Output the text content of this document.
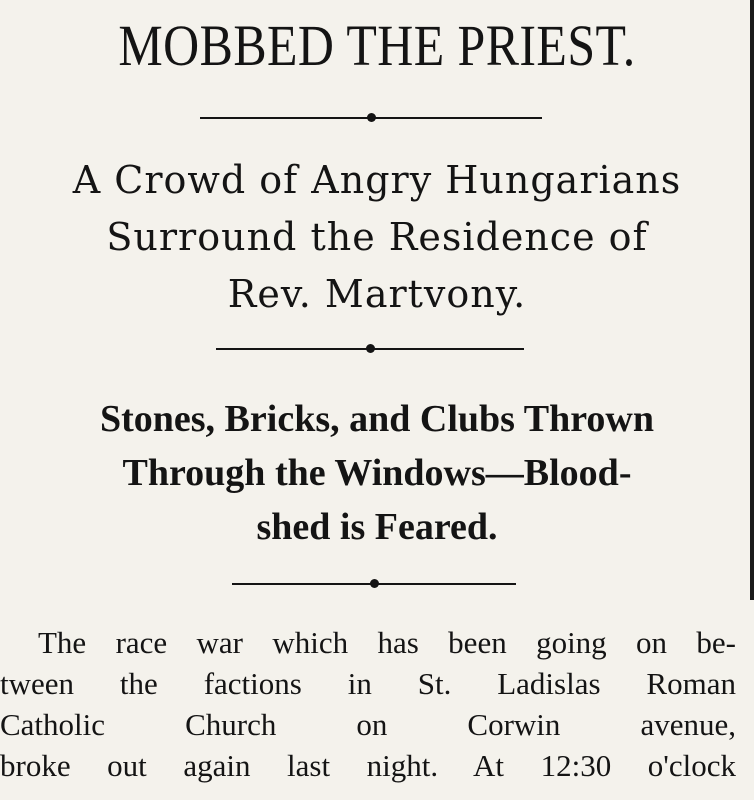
MOBBED THE PRIEST.
A Crowd of Angry Hungarians
Surround the Residence of
Rev. Martvony.
Stones, Bricks, and Clubs Thrown
Through the Windows—Blood-
shed is Feared.
The race war which has been going on be-
tween the factions in St. Ladislas Roman
Catholic Church on Corwin avenue,
broke out again last night. At 12:30 o'clock
